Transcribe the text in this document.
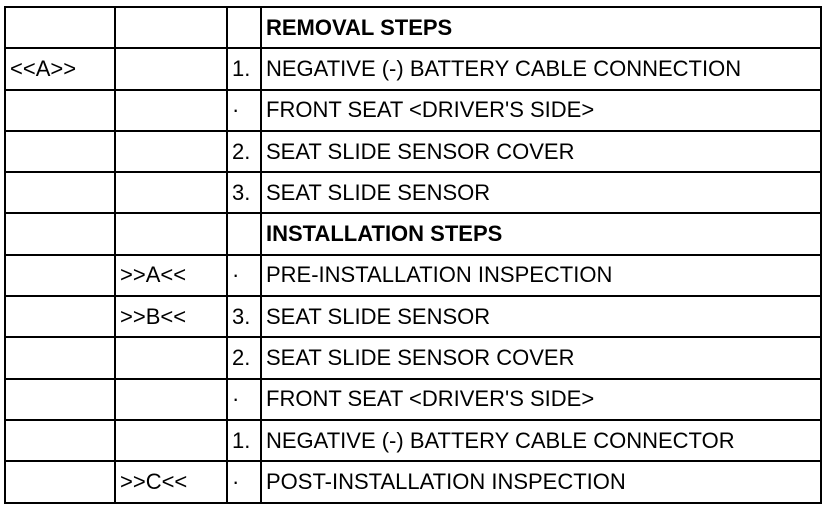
			REMOVAL STEPS
<<A>>		1.	NEGATIVE (-) BATTERY CABLE CONNECTION
		·	FRONT SEAT <DRIVER'S SIDE>
		2.	SEAT SLIDE SENSOR COVER
		3.	SEAT SLIDE SENSOR
			INSTALLATION STEPS
	>>A<<	·	PRE-INSTALLATION INSPECTION
	>>B<<	3.	SEAT SLIDE SENSOR
		2.	SEAT SLIDE SENSOR COVER
		·	FRONT SEAT <DRIVER'S SIDE>
		1.	NEGATIVE (-) BATTERY CABLE CONNECTOR
	>>C<<	·	POST-INSTALLATION INSPECTION
